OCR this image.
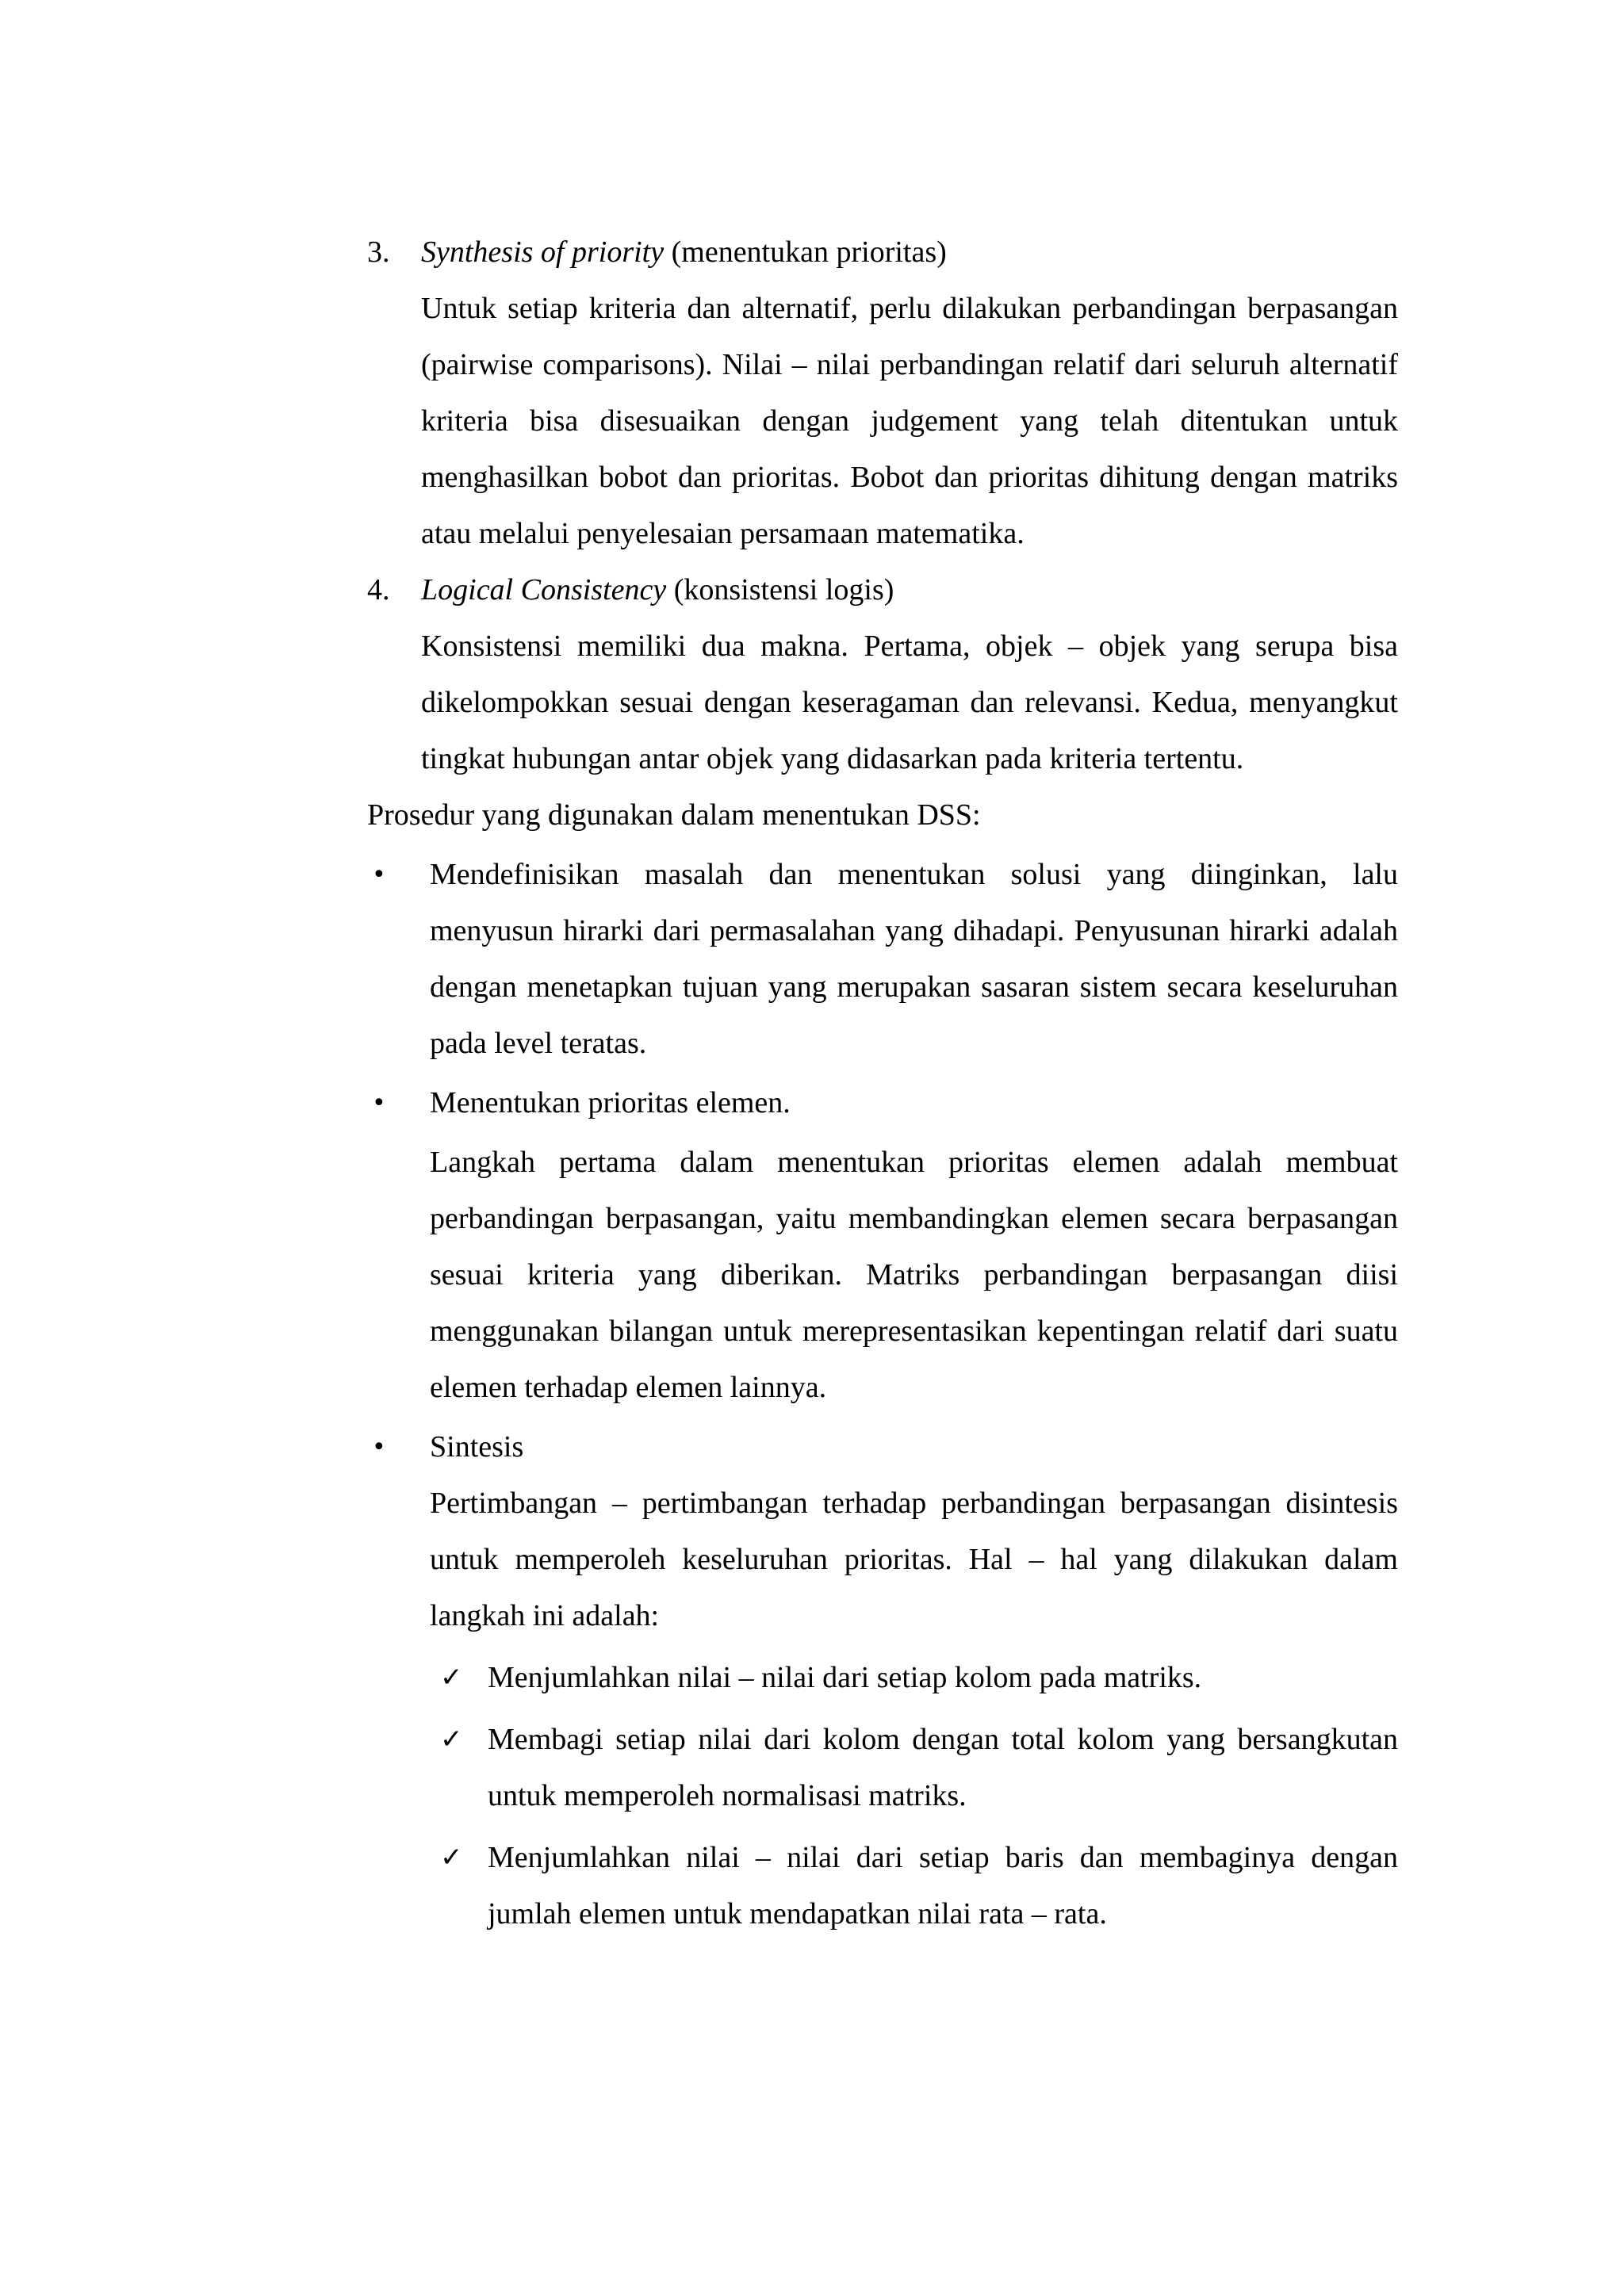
3. Synthesis of priority (menentukan prioritas)

Untuk setiap kriteria dan alternatif, perlu dilakukan perbandingan berpasangan (pairwise comparisons). Nilai – nilai perbandingan relatif dari seluruh alternatif kriteria bisa disesuaikan dengan judgement yang telah ditentukan untuk menghasilkan bobot dan prioritas. Bobot dan prioritas dihitung dengan matriks atau melalui penyelesaian persamaan matematika.

4. Logical Consistency (konsistensi logis)

Konsistensi memiliki dua makna. Pertama, objek – objek yang serupa bisa dikelompokkan sesuai dengan keseragaman dan relevansi. Kedua, menyangkut tingkat hubungan antar objek yang didasarkan pada kriteria tertentu.

Prosedur yang digunakan dalam menentukan DSS:

• Mendefinisikan masalah dan menentukan solusi yang diinginkan, lalu menyusun hirarki dari permasalahan yang dihadapi. Penyusunan hirarki adalah dengan menetapkan tujuan yang merupakan sasaran sistem secara keseluruhan pada level teratas.

• Menentukan prioritas elemen.

Langkah pertama dalam menentukan prioritas elemen adalah membuat perbandingan berpasangan, yaitu membandingkan elemen secara berpasangan sesuai kriteria yang diberikan. Matriks perbandingan berpasangan diisi menggunakan bilangan untuk merepresentasikan kepentingan relatif dari suatu elemen terhadap elemen lainnya.

• Sintesis

Pertimbangan – pertimbangan terhadap perbandingan berpasangan disintesis untuk memperoleh keseluruhan prioritas. Hal – hal yang dilakukan dalam langkah ini adalah:

✓ Menjumlahkan nilai – nilai dari setiap kolom pada matriks.

✓ Membagi setiap nilai dari kolom dengan total kolom yang bersangkutan untuk memperoleh normalisasi matriks.

✓ Menjumlahkan nilai – nilai dari setiap baris dan membaginya dengan jumlah elemen untuk mendapatkan nilai rata – rata.
